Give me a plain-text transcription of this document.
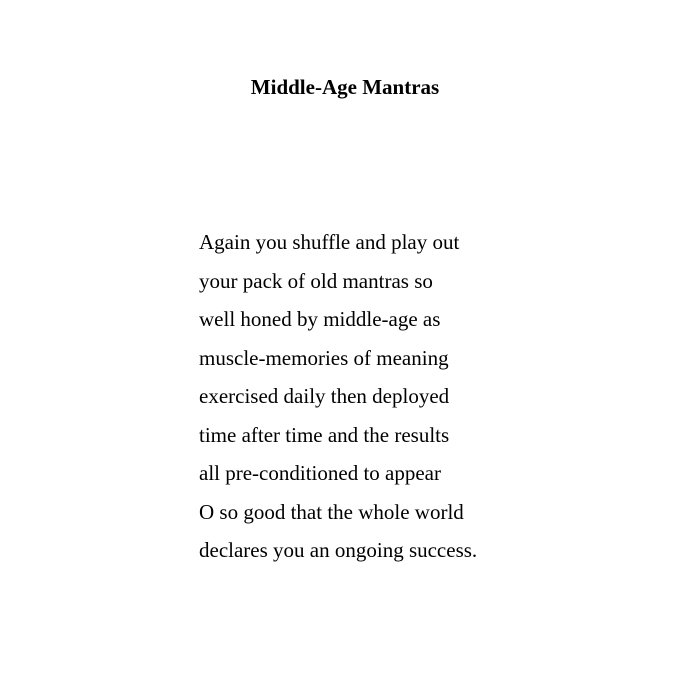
Middle-Age Mantras
Again you shuffle and play out
your pack of old mantras so
well honed by middle-age as
muscle-memories of meaning
exercised daily then deployed
time after time and the results
all pre-conditioned to appear
O so good that the whole world
declares you an ongoing success.
